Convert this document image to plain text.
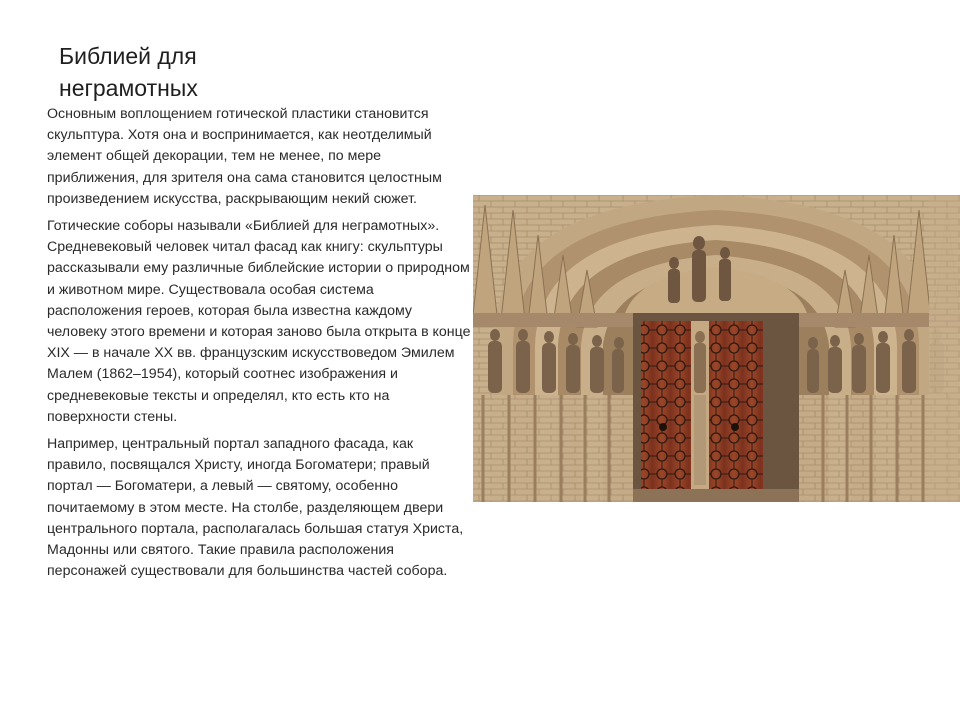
Библией для
неграмотных

Основным воплощением готической пластики становится скульптура. Хотя она и воспринимается, как неотделимый элемент общей декорации, тем не менее, по мере приближения, для зрителя она сама становится целостным произведением искусства, раскрывающим некий сюжет.

Готические соборы называли «Библией для неграмотных». Средневековый человек читал фасад как книгу: скульптуры рассказывали ему различные библейские истории о природном и животном мире. Существовала особая система расположения героев, которая была известна каждому человеку этого времени и которая заново была открыта в конце XIX — в начале XX вв. французским искусствоведом Эмилем Малем (1862–1954), который соотнес изображения и средневековые тексты и определял, кто есть кто на поверхности стены.

Например, центральный портал западного фасада, как правило, посвящался Христу, иногда Богоматери; правый портал — Богоматери, а левый — святому, особенно почитаемому в этом месте. На столбе, разделяющем двери центрального портала, располагалась большая статуя Христа, Мадонны или святого. Такие правила расположения персонажей существовали для большинства частей собора.
